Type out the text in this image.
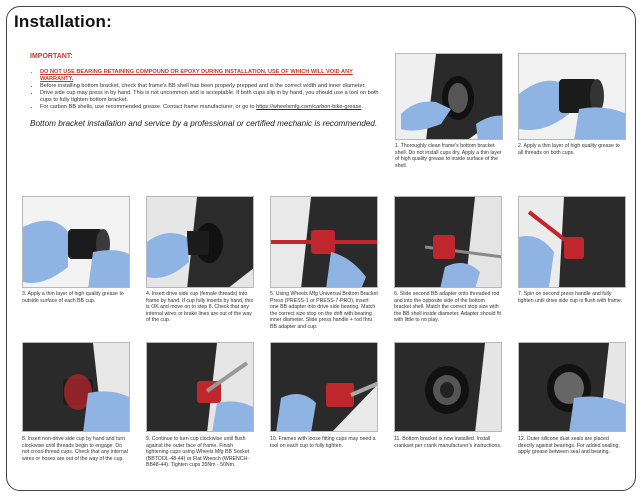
Installation:
IMPORTANT:
• DO NOT USE BEARING RETAINING COMPOUND OR EPOXY DURING INSTALLATION, USE OF WHICH WILL VOID ANY WARRANTY.
• Before installing bottom bracket, check that frame's BB shell has been properly prepped and is the correct width and inner diameter.
• Drive side cup may press in by hand. This is not uncommon and is acceptable. If both cups slip in by hand, you should use a tool on both cups to fully tighten bottom bracket.
• For carbon BB shells, use recommended grease. Contact frame manufacturer, or go to https://wheelsmfg.com/carbon-bike-grease.
Bottom bracket installation and service by a professional or certified mechanic is recommended.
1. Thoroughly clean frame's bottom bracket shell. Do not install cups dry. Apply a thin layer of high quality grease to inside surface of the shell.
2. Apply a thin layer of high quality grease to all threads on both cups.
3. Apply a thin layer of high quality grease to outside surface of each BB cup.
4. Insert drive side cup (female threads) into frame by hand. If cup fully inserts by hand, this is OK and move on to step 8. Check that any internal wires or brake lines are out of the way of the cup.
5. Using Wheels Mfg Universal Bottom Bracket Press (PRESS-1 or PRESS-7-PRO), insert one BB adapter into drive side bearing. Match the correct size stop on the drift with bearing inner diameter. Slide press handle + rod thru BB adapter and cup.
6. Slide second BB adapter onto threaded rod and into the opposite side of the bottom bracket shell. Match the correct stop size with the BB shell inside diameter. Adapter should fit with little to no play.
7. Spin on second press handle and fully tighten until drive side cup is flush with frame.
8. Insert non-drive side cup by hand and turn clockwise until threads begin to engage. Do not cross-thread cups. Check that any internal wires or hoses are out of the way of the cup.
9. Continue to turn cup clockwise until flush against the outer face of frame. Finish tightening cups using Wheels Mfg BB Socket (BBTOOL-48-44) or Flat Wrench (WRENCH-BB48-44). Tighten cups 35Nm - 50Nm.
10. Frames with loose fitting cups may need a tool on each cup to fully tighten.
11. Bottom bracket is now installed. Install crankset per crank manufacturer's instructions.
12. Outer silicone dust seals are placed directly against bearings. For added sealing, apply grease between seal and bearing.
